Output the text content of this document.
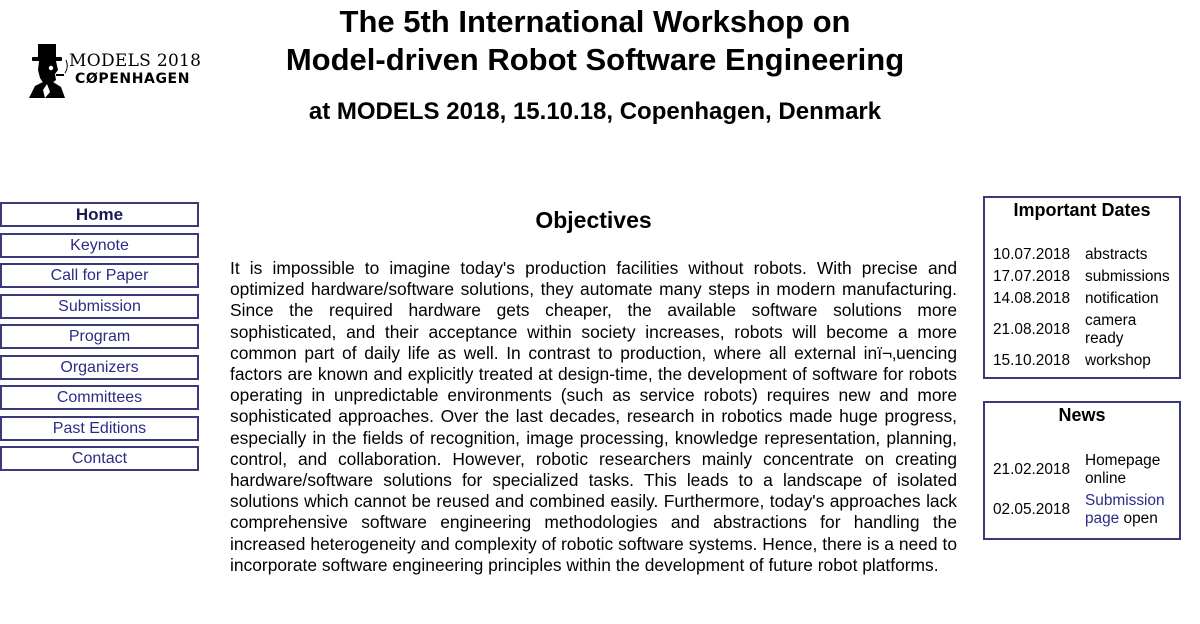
MODELS 2018
CØPENHAGEN
The 5th International Workshop on
Model-driven Robot Software Engineering
at MODELS 2018, 15.10.18, Copenhagen, Denmark
Home
Keynote
Call for Paper
Submission
Program
Organizers
Committees
Past Editions
Contact
Objectives

It is impossible to imagine today's production facilities without robots. With precise and optimized hardware/software solutions, they automate many steps in modern manufacturing. Since the required hardware gets cheaper, the available software solutions more sophisticated, and their acceptance within society increases, robots will become a more common part of daily life as well. In contrast to production, where all external inï¬‚uencing factors are known and explicitly treated at design-time, the development of software for robots operating in unpredictable environments (such as service robots) requires new and more sophisticated approaches. Over the last decades, research in robotics made huge progress, especially in the fields of recognition, image processing, knowledge representation, planning, control, and collaboration. However, robotic researchers mainly concentrate on creating hardware/software solutions for specialized tasks. This leads to a landscape of isolated solutions which cannot be reused and combined easily. Furthermore, today's approaches lack comprehensive software engineering methodologies and abstractions for handling the increased heterogeneity and complexity of robotic software systems. Hence, there is a need to incorporate software engineering principles within the development of future robot platforms.

Important Dates
10.07.2018	abstracts
17.07.2018	submissions
14.08.2018	notification
21.08.2018	camera ready
15.10.2018	workshop
News
21.02.2018	Homepage online
02.05.2018	Submission page open
